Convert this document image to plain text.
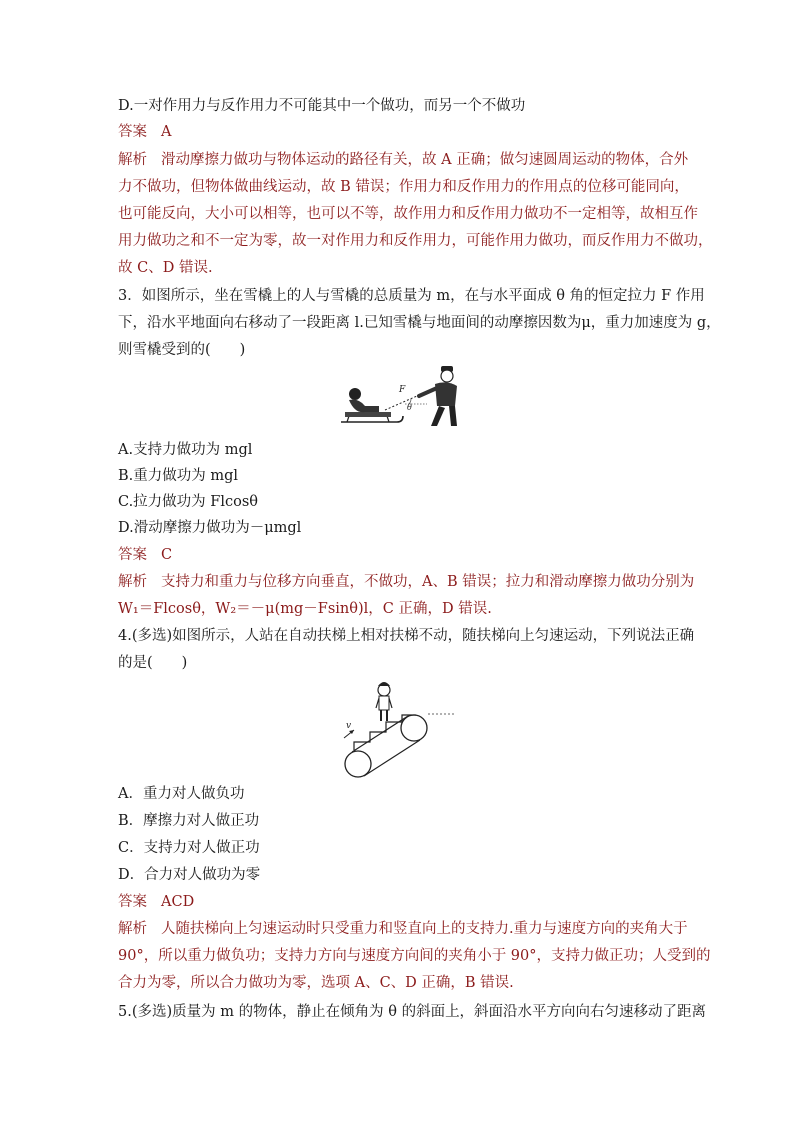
D.一对作用力与反作用力不可能其中一个做功，而另一个不做功
答案 A
解析 滑动摩擦力做功与物体运动的路径有关，故 A 正确；做匀速圆周运动的物体，合外
力不做功，但物体做曲线运动，故 B 错误；作用力和反作用力的作用点的位移可能同向，
也可能反向，大小可以相等，也可以不等，故作用力和反作用力做功不一定相等，故相互作
用力做功之和不一定为零，故一对作用力和反作用力，可能作用力做功，而反作用力不做功，
故 C、D 错误.
3．如图所示，坐在雪橇上的人与雪橇的总质量为 m，在与水平面成 θ 角的恒定拉力 F 作用
下，沿水平地面向右移动了一段距离 l.已知雪橇与地面间的动摩擦因数为μ，重力加速度为 g，
则雪橇受到的(　　)
F
θ
A.支持力做功为 mgl
B.重力做功为 mgl
C.拉力做功为 Flcosθ
D.滑动摩擦力做功为－μmgl
答案 C
解析 支持力和重力与位移方向垂直，不做功，A、B 错误；拉力和滑动摩擦力做功分别为
W₁＝Flcosθ，W₂＝－μ(mg－Fsinθ)l，C 正确，D 错误.
4.(多选)如图所示，人站在自动扶梯上相对扶梯不动，随扶梯向上匀速运动，下列说法正确
的是(　　)
v
A．重力对人做负功
B．摩擦力对人做正功
C．支持力对人做正功
D．合力对人做功为零
答案 ACD
解析 人随扶梯向上匀速运动时只受重力和竖直向上的支持力.重力与速度方向的夹角大于
90°，所以重力做负功；支持力方向与速度方向间的夹角小于 90°，支持力做正功；人受到的
合力为零，所以合力做功为零，选项 A、C、D 正确，B 错误.
5.(多选)质量为 m 的物体，静止在倾角为 θ 的斜面上，斜面沿水平方向向右匀速移动了距离
